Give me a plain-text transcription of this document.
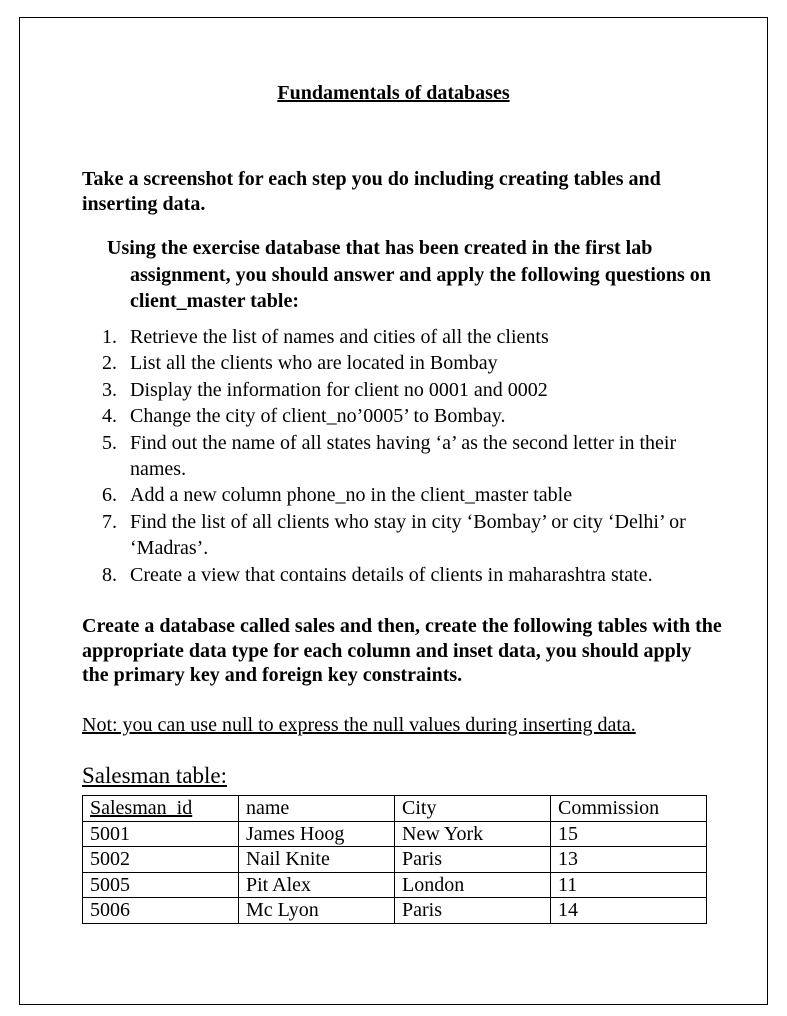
Fundamentals of databases

Take a screenshot for each step you do including creating tables and inserting data.

Using the exercise database that has been created in the first lab assignment, you should answer and apply the following questions on client_master table:

1. Retrieve the list of names and cities of all the clients
2. List all the clients who are located in Bombay
3. Display the information for client no 0001 and 0002
4. Change the city of client_no’0005’ to Bombay.
5. Find out the name of all states having ‘a’ as the second letter in their names.
6. Add a new column phone_no in the client_master table
7. Find the list of all clients who stay in city ‘Bombay’ or city ‘Delhi’ or ‘Madras’.
8. Create a view that contains details of clients in maharashtra state.

Create a database called sales and then, create the following tables with the appropriate data type for each column and inset data, you should apply the primary key and foreign key constraints.

Not: you can use null to express the null values during inserting data.

Salesman table:

Salesman_id	name	City	Commission
5001	James Hoog	New York	15
5002	Nail Knite	Paris	13
5005	Pit Alex	London	11
5006	Mc Lyon	Paris	14
